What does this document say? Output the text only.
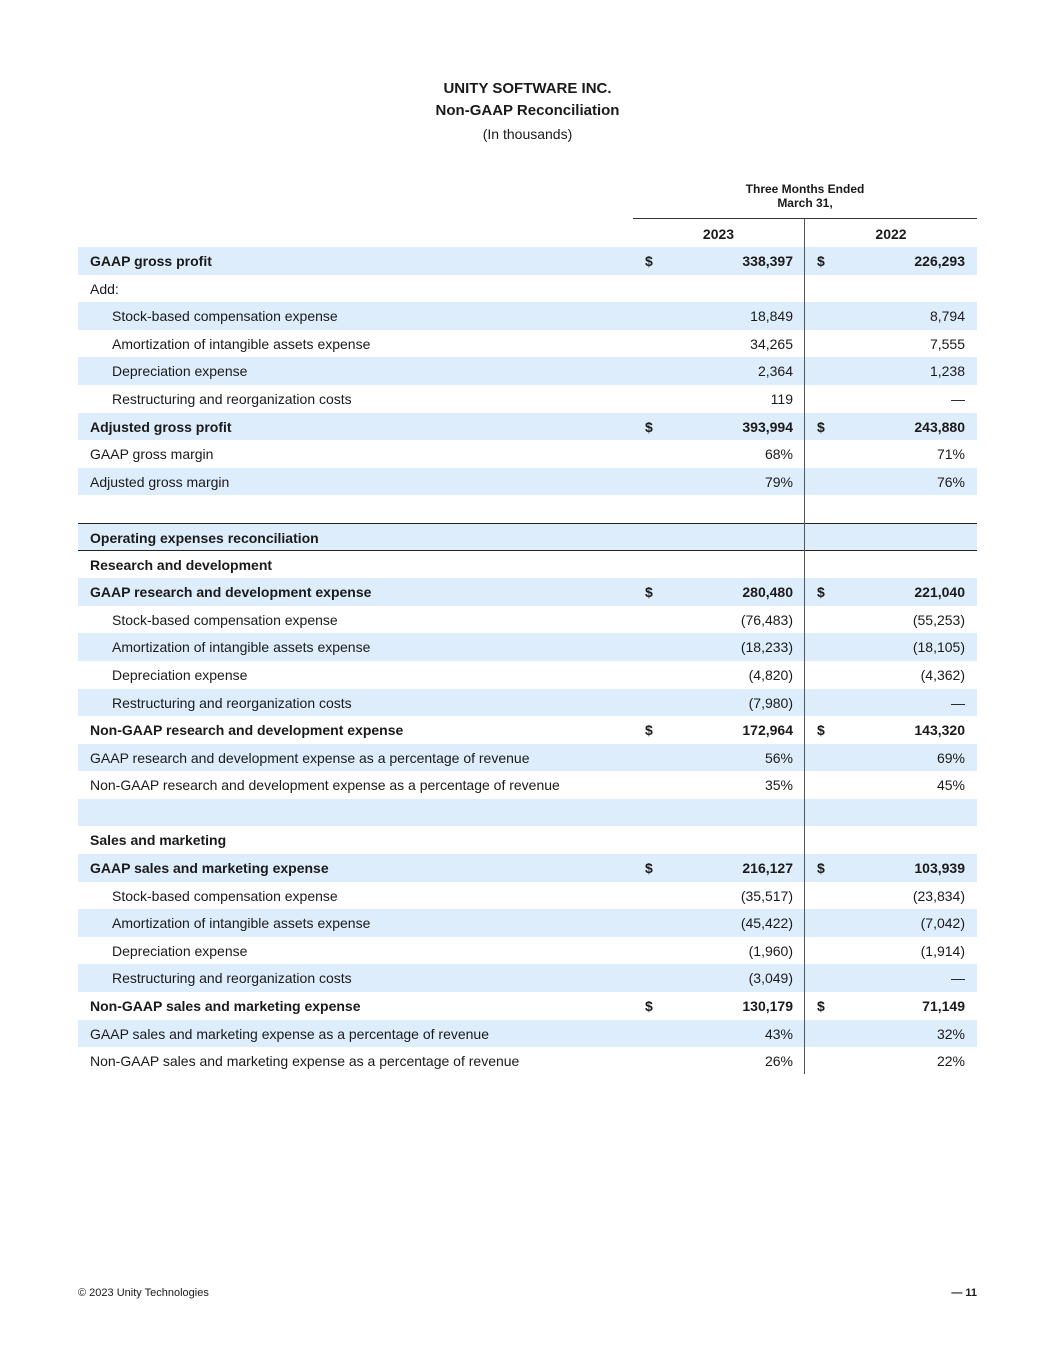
UNITY SOFTWARE INC.
Non-GAAP Reconciliation
(In thousands)
Three Months Ended
March 31,
2023	2022
GAAP gross profit	$	338,397 $	226,293
Add:
Stock-based compensation expense	18,849	8,794
Amortization of intangible assets expense	34,265	7,555
Depreciation expense	2,364	1,238
Restructuring and reorganization costs	119	—
Adjusted gross profit	$	393,994 $	243,880
GAAP gross margin	68%	71%
Adjusted gross margin	79%	76%
Operating expenses reconciliation
Research and development
GAAP research and development expense	$	280,480 $	221,040
Stock-based compensation expense	(76,483)	(55,253)
Amortization of intangible assets expense	(18,233)	(18,105)
Depreciation expense	(4,820)	(4,362)
Restructuring and reorganization costs	(7,980)	—
Non-GAAP research and development expense	$	172,964 $	143,320
GAAP research and development expense as a percentage of revenue	56%	69%
Non-GAAP research and development expense as a percentage of revenue	35%	45%
Sales and marketing
GAAP sales and marketing expense	$	216,127 $	103,939
Stock-based compensation expense	(35,517)	(23,834)
Amortization of intangible assets expense	(45,422)	(7,042)
Depreciation expense	(1,960)	(1,914)
Restructuring and reorganization costs	(3,049)	—
Non-GAAP sales and marketing expense	$	130,179 $	71,149
GAAP sales and marketing expense as a percentage of revenue	43%	32%
Non-GAAP sales and marketing expense as a percentage of revenue	26%	22%
© 2023 Unity Technologies	— 11
